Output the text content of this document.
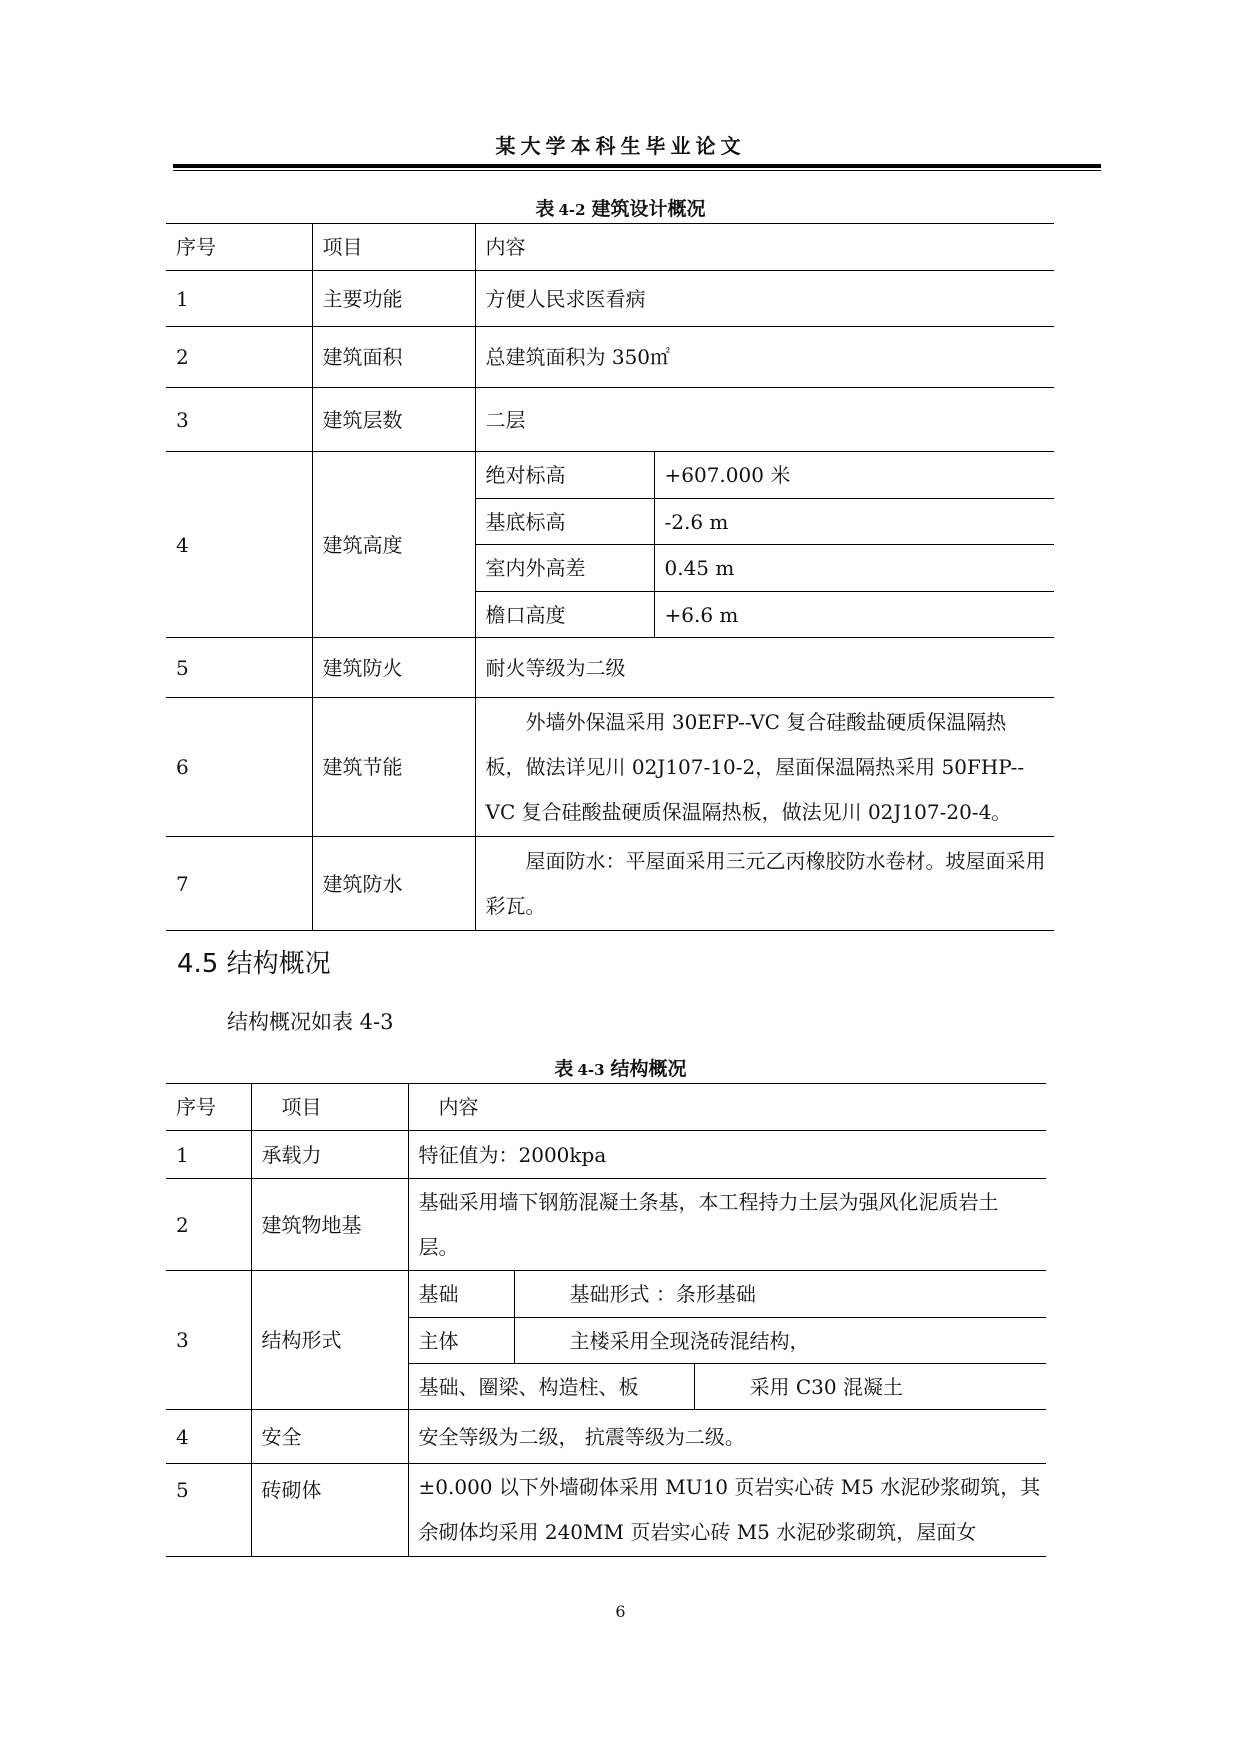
某大学本科生毕业论文
表 4-2 建筑设计概况
序号	项目	内容	
1	主要功能	方便人民求医看病	
2	建筑面积	总建筑面积为 350㎡	
3	建筑层数	二层	
4	建筑高度	绝对标高	+607.000 米
		基底标高	-2.6 m
		室内外高差	0.45 m
		檐口高度	+6.6 m
5	建筑防火	耐火等级为二级	
6	建筑节能	外墙外保温采用 30EFP--VC 复合硅酸盐硬质保温隔热板，做法详见川 02J107-10-2，屋面保温隔热采用 50FHP--VC 复合硅酸盐硬质保温隔热板，做法见川 02J107-20-4。	

7	建筑防水	屋面防水：平屋面采用三元乙丙橡胶防水卷材。坡屋面采用彩瓦。	
4.5 结构概况
结构概况如表 4-3
表 4-3 结构概况
序号	项目	内容		
1	承载力	特征值为：2000kpa		
2	建筑物地基	基础采用墙下钢筋混凝土条基，本工程持力土层为强风化泥质岩土层。		
3	结构形式	基础	基础形式 ：条形基础	
		主体	主楼采用全现浇砖混结构，	
		基础、圈梁、构造柱、板		采用 C30 混凝土
4	安全	安全等级为二级， 抗震等级为二级。		
5	砖砌体	±0.000 以下外墙砌体采用 MU10 页岩实心砖 M5 水泥砂浆砌筑，其余砌体均采用 240MM 页岩实心砖 M5 水泥砂浆砌筑，屋面女		
6
